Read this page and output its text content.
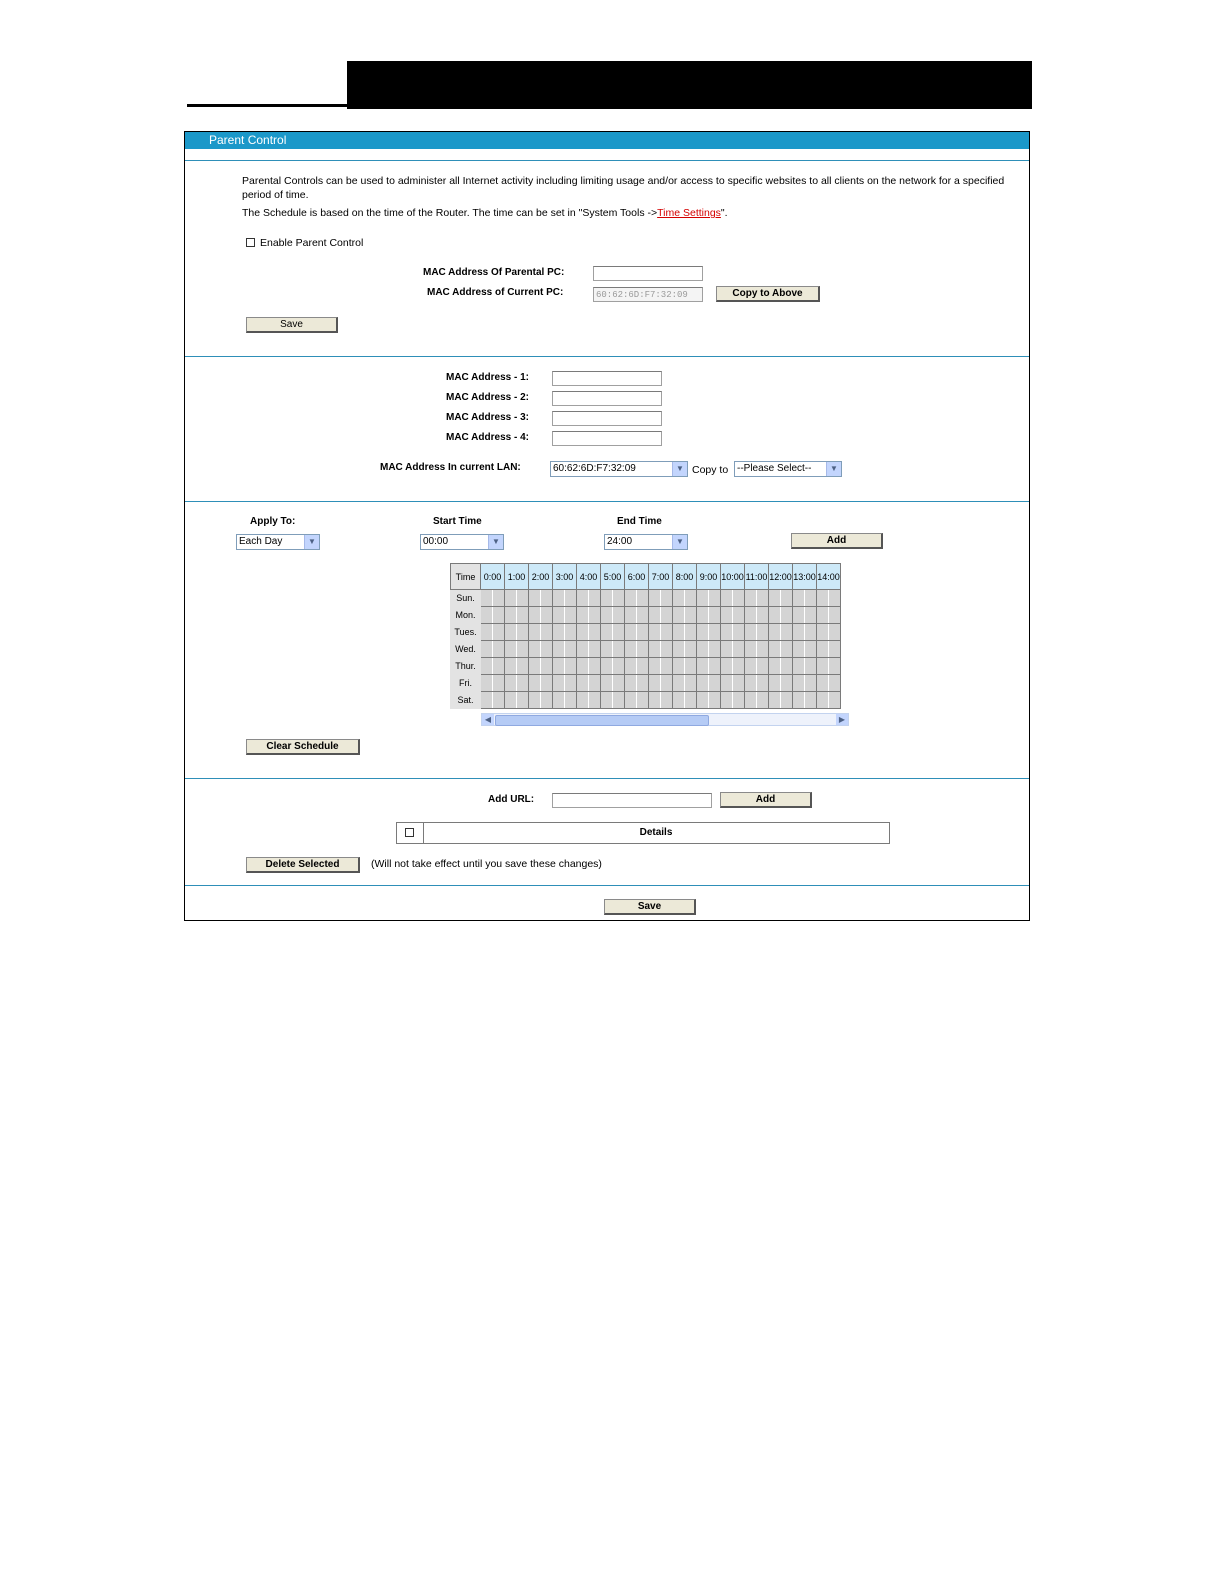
Parent Control
Parental Controls can be used to administer all Internet activity including limiting usage and/or access to specific websites to all clients on the network for a specified
period of time.
The Schedule is based on the time of the Router. The time can be set in "System Tools ->Time Settings".
Enable Parent Control
MAC Address Of Parental PC:
MAC Address of Current PC:
60:62:6D:F7:32:09	Copy to Above
Save
MAC Address - 1:
MAC Address - 2:
MAC Address - 3:
MAC Address - 4:
MAC Address In current LAN:	60:62:6D:F7:32:09	▼ Copy to --Please Select--	▼
Apply To:
Each Day	▼
Start Time
00:00	▼
End Time
24:00	▼	Add
Time	0:00	1:00	2:00	3:00	4:00	5:00	6:00	7:00	8:00	9:00	10:00	11:00	12:00	13:00	14:00
Sun.	

Mon.	

Tues.	

Wed.	

Thur.	

Fri.	

Sat.	

◀	▶
Clear Schedule
Add URL:	Add
Details
Delete Selected	(Will not take effect until you save these changes)
Save
